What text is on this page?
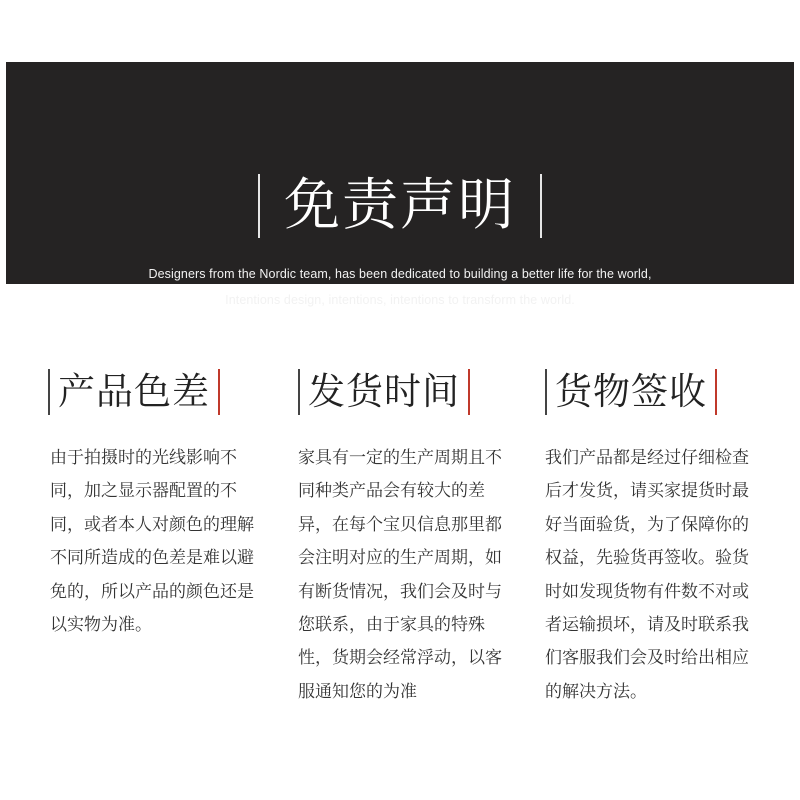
免责声明
Designers from the Nordic team, has been dedicated to building a better life for the world,
Intentions design, intentions, intentions to transform the world.
产品色差
由于拍摄时的光线影响不同，加之显示器配置的不同，或者本人对颜色的理解不同所造成的色差是难以避免的，所以产品的颜色还是以实物为准。
发货时间
家具有一定的生产周期且不同种类产品会有较大的差异，在每个宝贝信息那里都会注明对应的生产周期，如有断货情况，我们会及时与您联系，由于家具的特殊性，货期会经常浮动，以客服通知您的为准
货物签收
我们产品都是经过仔细检查后才发货，请买家提货时最好当面验货，为了保障你的权益，先验货再签收。验货时如发现货物有件数不对或者运输损坏，请及时联系我们客服我们会及时给出相应的解决方法。
